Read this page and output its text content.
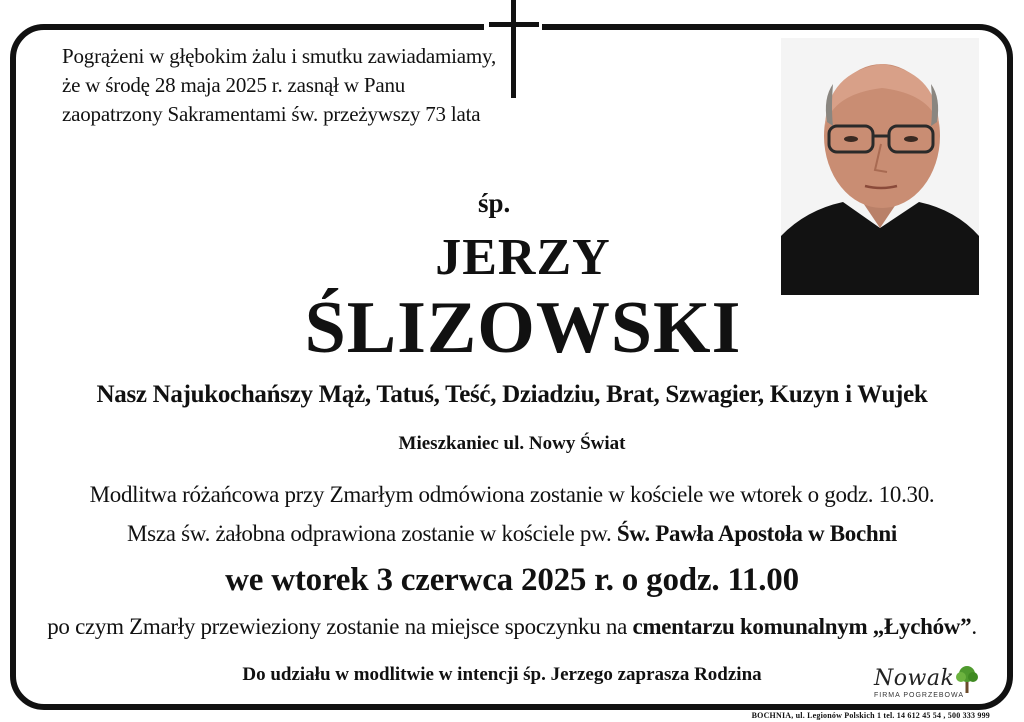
Pogrążeni w głębokim żalu i smutku zawiadamiamy,
że w środę 28 maja 2025 r. zasnął w Panu
zaopatrzony Sakramentami św. przeżywszy 73 lata
śp.
JERZY
ŚLIZOWSKI
Nasz Najukochańszy Mąż, Tatuś, Teść, Dziadziu, Brat, Szwagier, Kuzyn i Wujek
Mieszkaniec ul. Nowy Świat
Modlitwa różańcowa przy Zmarłym odmówiona zostanie w kościele we wtorek o godz. 10.30.
Msza św. żałobna odprawiona zostanie w kościele pw. Św. Pawła Apostoła w Bochni
we wtorek 3 czerwca 2025 r. o godz. 11.00
po czym Zmarły przewieziony zostanie na miejsce spoczynku na cmentarzu komunalnym „Łychów”.
Do udziału w modlitwie w intencji śp. Jerzego zaprasza Rodzina	Nowak
FIRMA POGRZEBOWA
BOCHNIA, ul. Legionów Polskich 1 tel. 14 612 45 54 , 500 333 999
